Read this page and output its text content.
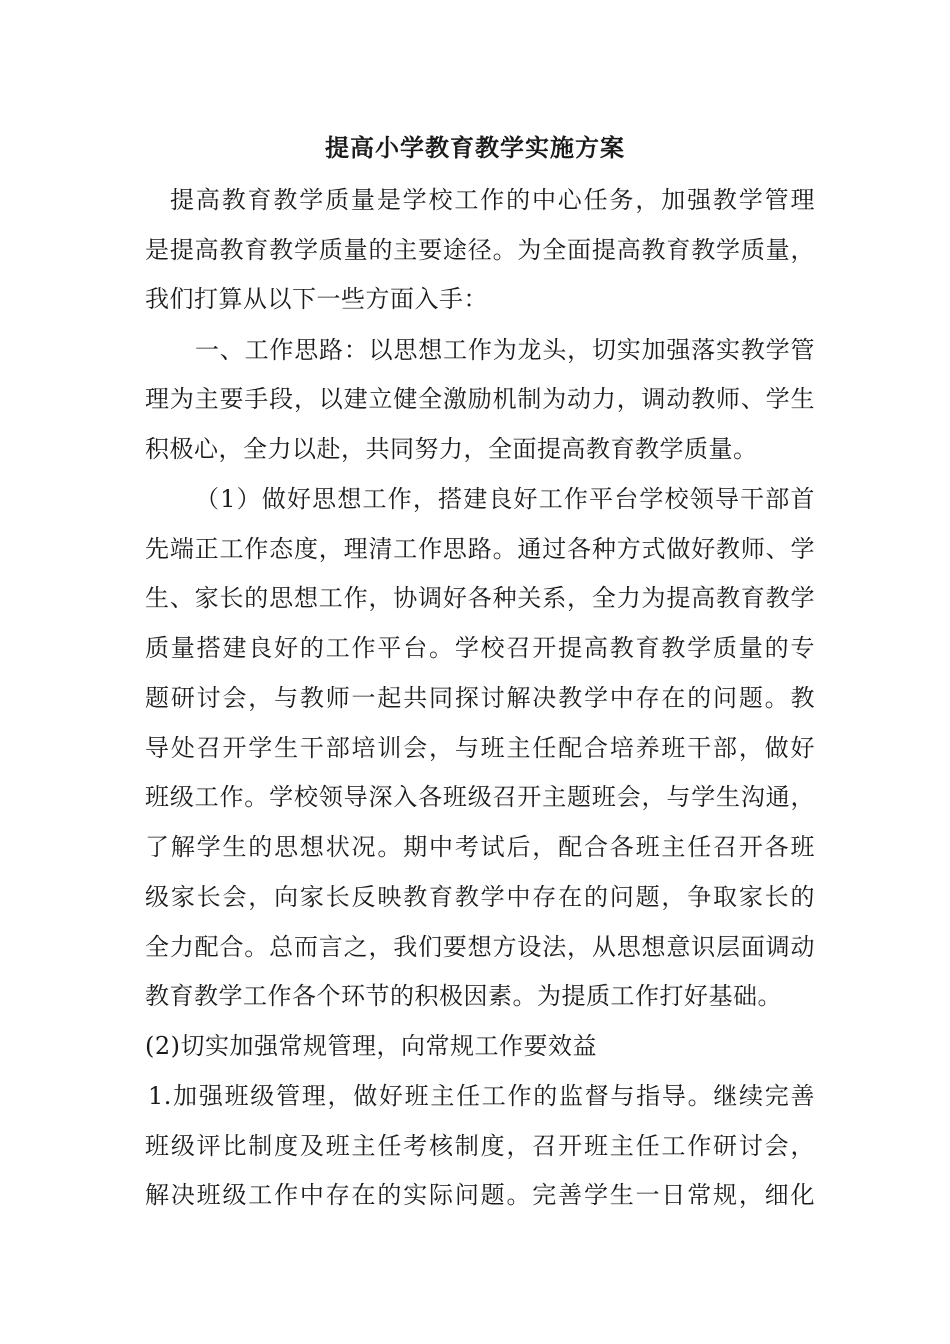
提高小学教育教学实施方案
提高教育教学质量是学校工作的中心任务，加强教学管理
是提高教育教学质量的主要途径。为全面提高教育教学质量，
我们打算从以下一些方面入手：
一、工作思路：以思想工作为龙头，切实加强落实教学管
理为主要手段，以建立健全激励机制为动力，调动教师、学生
积极心，全力以赴，共同努力，全面提高教育教学质量。
（1）做好思想工作，搭建良好工作平台学校领导干部首
先端正工作态度，理清工作思路。通过各种方式做好教师、学
生、家长的思想工作，协调好各种关系，全力为提高教育教学
质量搭建良好的工作平台。学校召开提高教育教学质量的专
题研讨会，与教师一起共同探讨解决教学中存在的问题。教
导处召开学生干部培训会，与班主任配合培养班干部，做好
班级工作。学校领导深入各班级召开主题班会，与学生沟通，
了解学生的思想状况。期中考试后，配合各班主任召开各班
级家长会，向家长反映教育教学中存在的问题，争取家长的
全力配合。总而言之，我们要想方设法，从思想意识层面调动
教育教学工作各个环节的积极因素。为提质工作打好基础。
(2)切实加强常规管理，向常规工作要效益
1.加强班级管理，做好班主任工作的监督与指导。继续完善
班级评比制度及班主任考核制度，召开班主任工作研讨会，
解决班级工作中存在的实际问题。完善学生一日常规，细化
